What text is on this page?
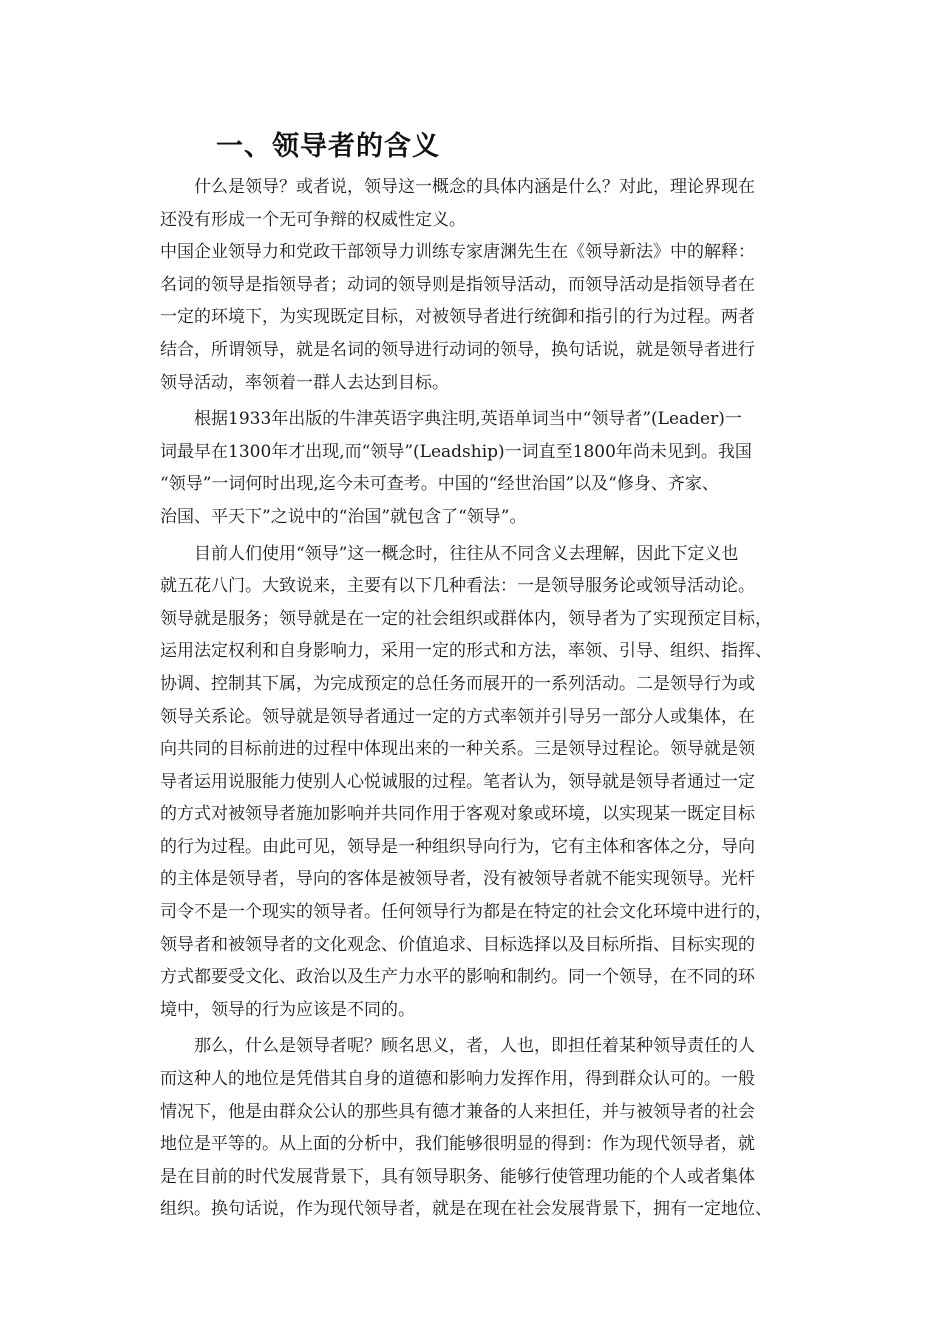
一、领导者的含义
　　什么是领导？或者说，领导这一概念的具体内涵是什么？对此，理论界现在
还没有形成一个无可争辩的权威性定义。
中国企业领导力和党政干部领导力训练专家唐渊先生在《领导新法》中的解释：
名词的领导是指领导者；动词的领导则是指领导活动，而领导活动是指领导者在
一定的环境下，为实现既定目标，对被领导者进行统御和指引的行为过程。两者
结合，所谓领导，就是名词的领导进行动词的领导，换句话说，就是领导者进行
领导活动，率领着一群人去达到目标。
　　根据1933年出版的牛津英语字典注明,英语单词当中“领导者”(Leader)一
词最早在1300年才出现,而“领导”(Leadship)一词直至1800年尚未见到。我国
“领导”一词何时出现,迄今未可查考。中国的“经世治国”以及“修身、齐家、
治国、平天下”之说中的“治国”就包含了“领导”。
　　目前人们使用“领导”这一概念时，往往从不同含义去理解，因此下定义也
就五花八门。大致说来，主要有以下几种看法：一是领导服务论或领导活动论。
领导就是服务；领导就是在一定的社会组织或群体内，领导者为了实现预定目标，
运用法定权利和自身影响力，采用一定的形式和方法，率领、引导、组织、指挥、
协调、控制其下属，为完成预定的总任务而展开的一系列活动。二是领导行为或
领导关系论。领导就是领导者通过一定的方式率领并引导另一部分人或集体，在
向共同的目标前进的过程中体现出来的一种关系。三是领导过程论。领导就是领
导者运用说服能力使别人心悦诚服的过程。笔者认为，领导就是领导者通过一定
的方式对被领导者施加影响并共同作用于客观对象或环境，以实现某一既定目标
的行为过程。由此可见，领导是一种组织导向行为，它有主体和客体之分，导向
的主体是领导者，导向的客体是被领导者，没有被领导者就不能实现领导。光杆
司令不是一个现实的领导者。任何领导行为都是在特定的社会文化环境中进行的，
领导者和被领导者的文化观念、价值追求、目标选择以及目标所指、目标实现的
方式都要受文化、政治以及生产力水平的影响和制约。同一个领导，在不同的环
境中，领导的行为应该是不同的。
　　那么，什么是领导者呢？顾名思义，者，人也，即担任着某种领导责任的人
而这种人的地位是凭借其自身的道德和影响力发挥作用，得到群众认可的。一般
情况下，他是由群众公认的那些具有德才兼备的人来担任，并与被领导者的社会
地位是平等的。从上面的分析中，我们能够很明显的得到：作为现代领导者，就
是在目前的时代发展背景下，具有领导职务、能够行使管理功能的个人或者集体
组织。换句话说，作为现代领导者，就是在现在社会发展背景下，拥有一定地位、
